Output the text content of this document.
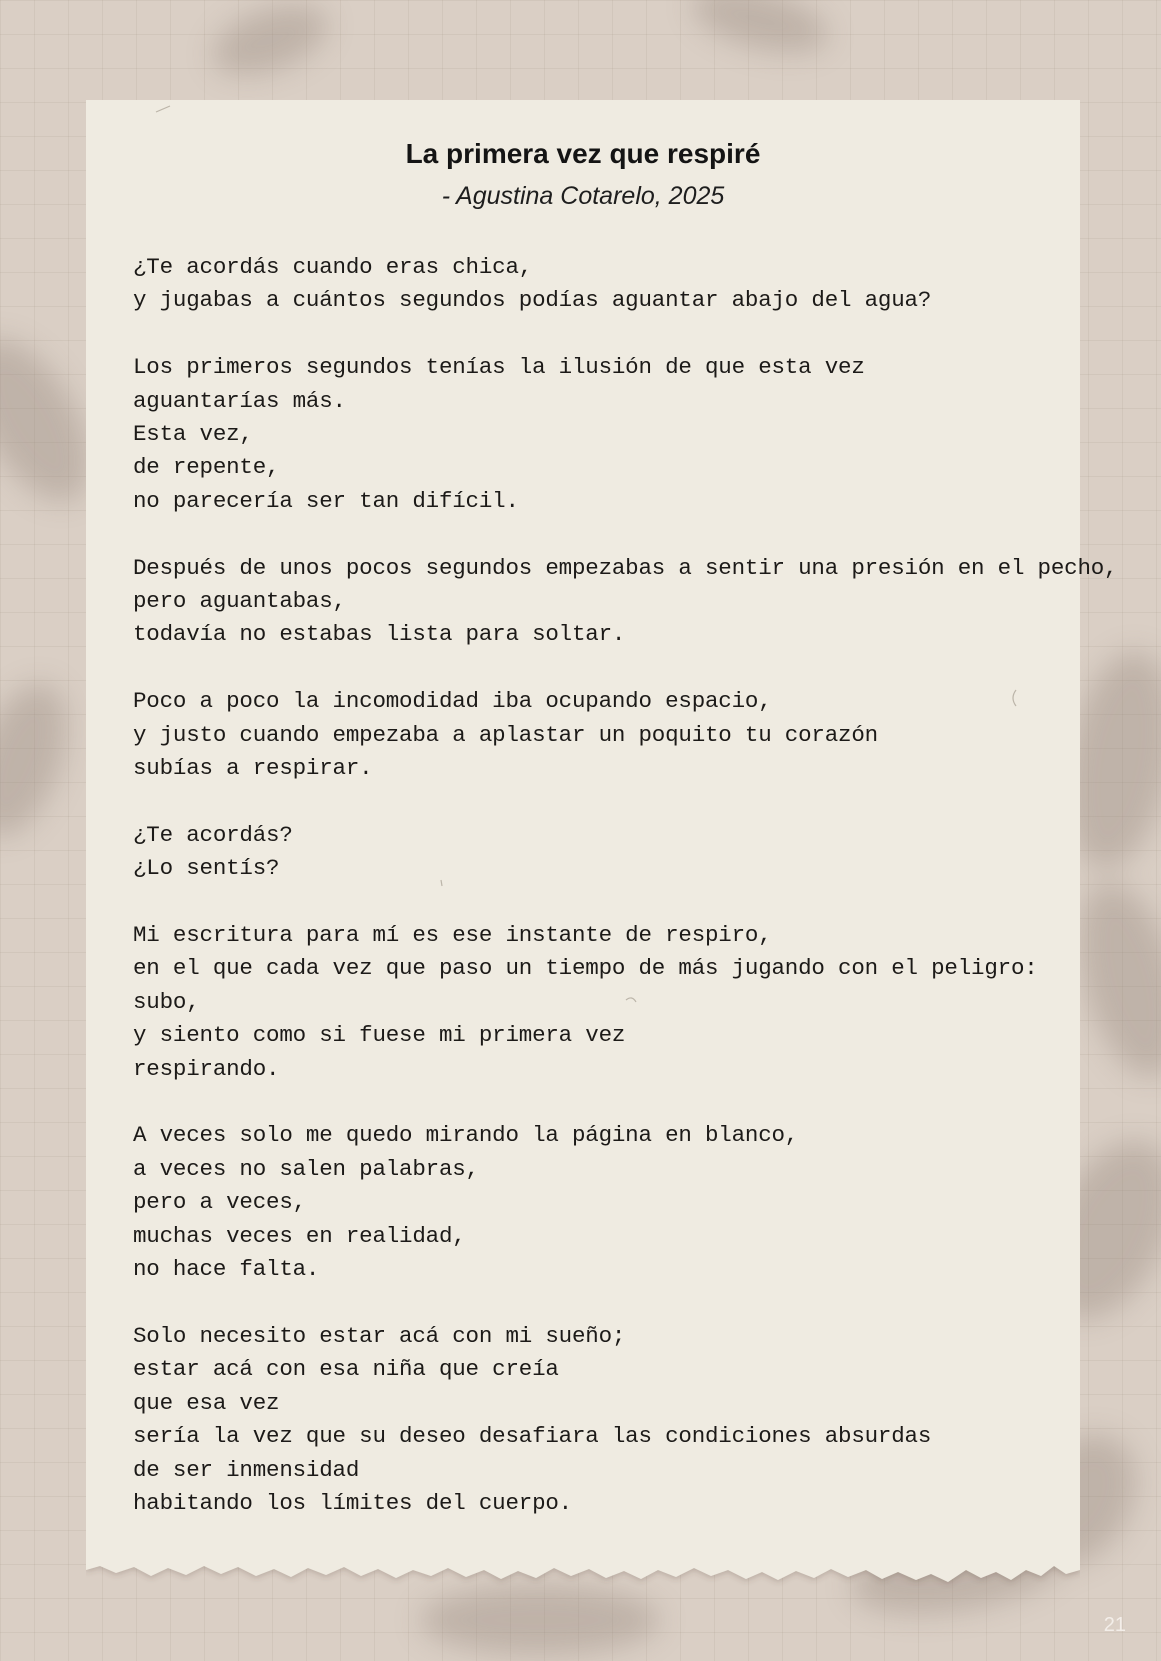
La primera vez que respiré
- Agustina Cotarelo, 2025
¿Te acordás cuando eras chica,
y jugabas a cuántos segundos podías aguantar abajo del agua?
Los primeros segundos tenías la ilusión de que esta vez
aguantarías más.
Esta vez,
de repente,
no parecería ser tan difícil.
Después de unos pocos segundos empezabas a sentir una presión en el pecho,
pero aguantabas,
todavía no estabas lista para soltar.
Poco a poco la incomodidad iba ocupando espacio,
y justo cuando empezaba a aplastar un poquito tu corazón
subías a respirar.
¿Te acordás?
¿Lo sentís?
Mi escritura para mí es ese instante de respiro,
en el que cada vez que paso un tiempo de más jugando con el peligro:
subo,
y siento como si fuese mi primera vez
respirando.
A veces solo me quedo mirando la página en blanco,
a veces no salen palabras,
pero a veces,
muchas veces en realidad,
no hace falta.
Solo necesito estar acá con mi sueño;
estar acá con esa niña que creía
que esa vez
sería la vez que su deseo desafiara las condiciones absurdas
de ser inmensidad
habitando los límites del cuerpo.
21
